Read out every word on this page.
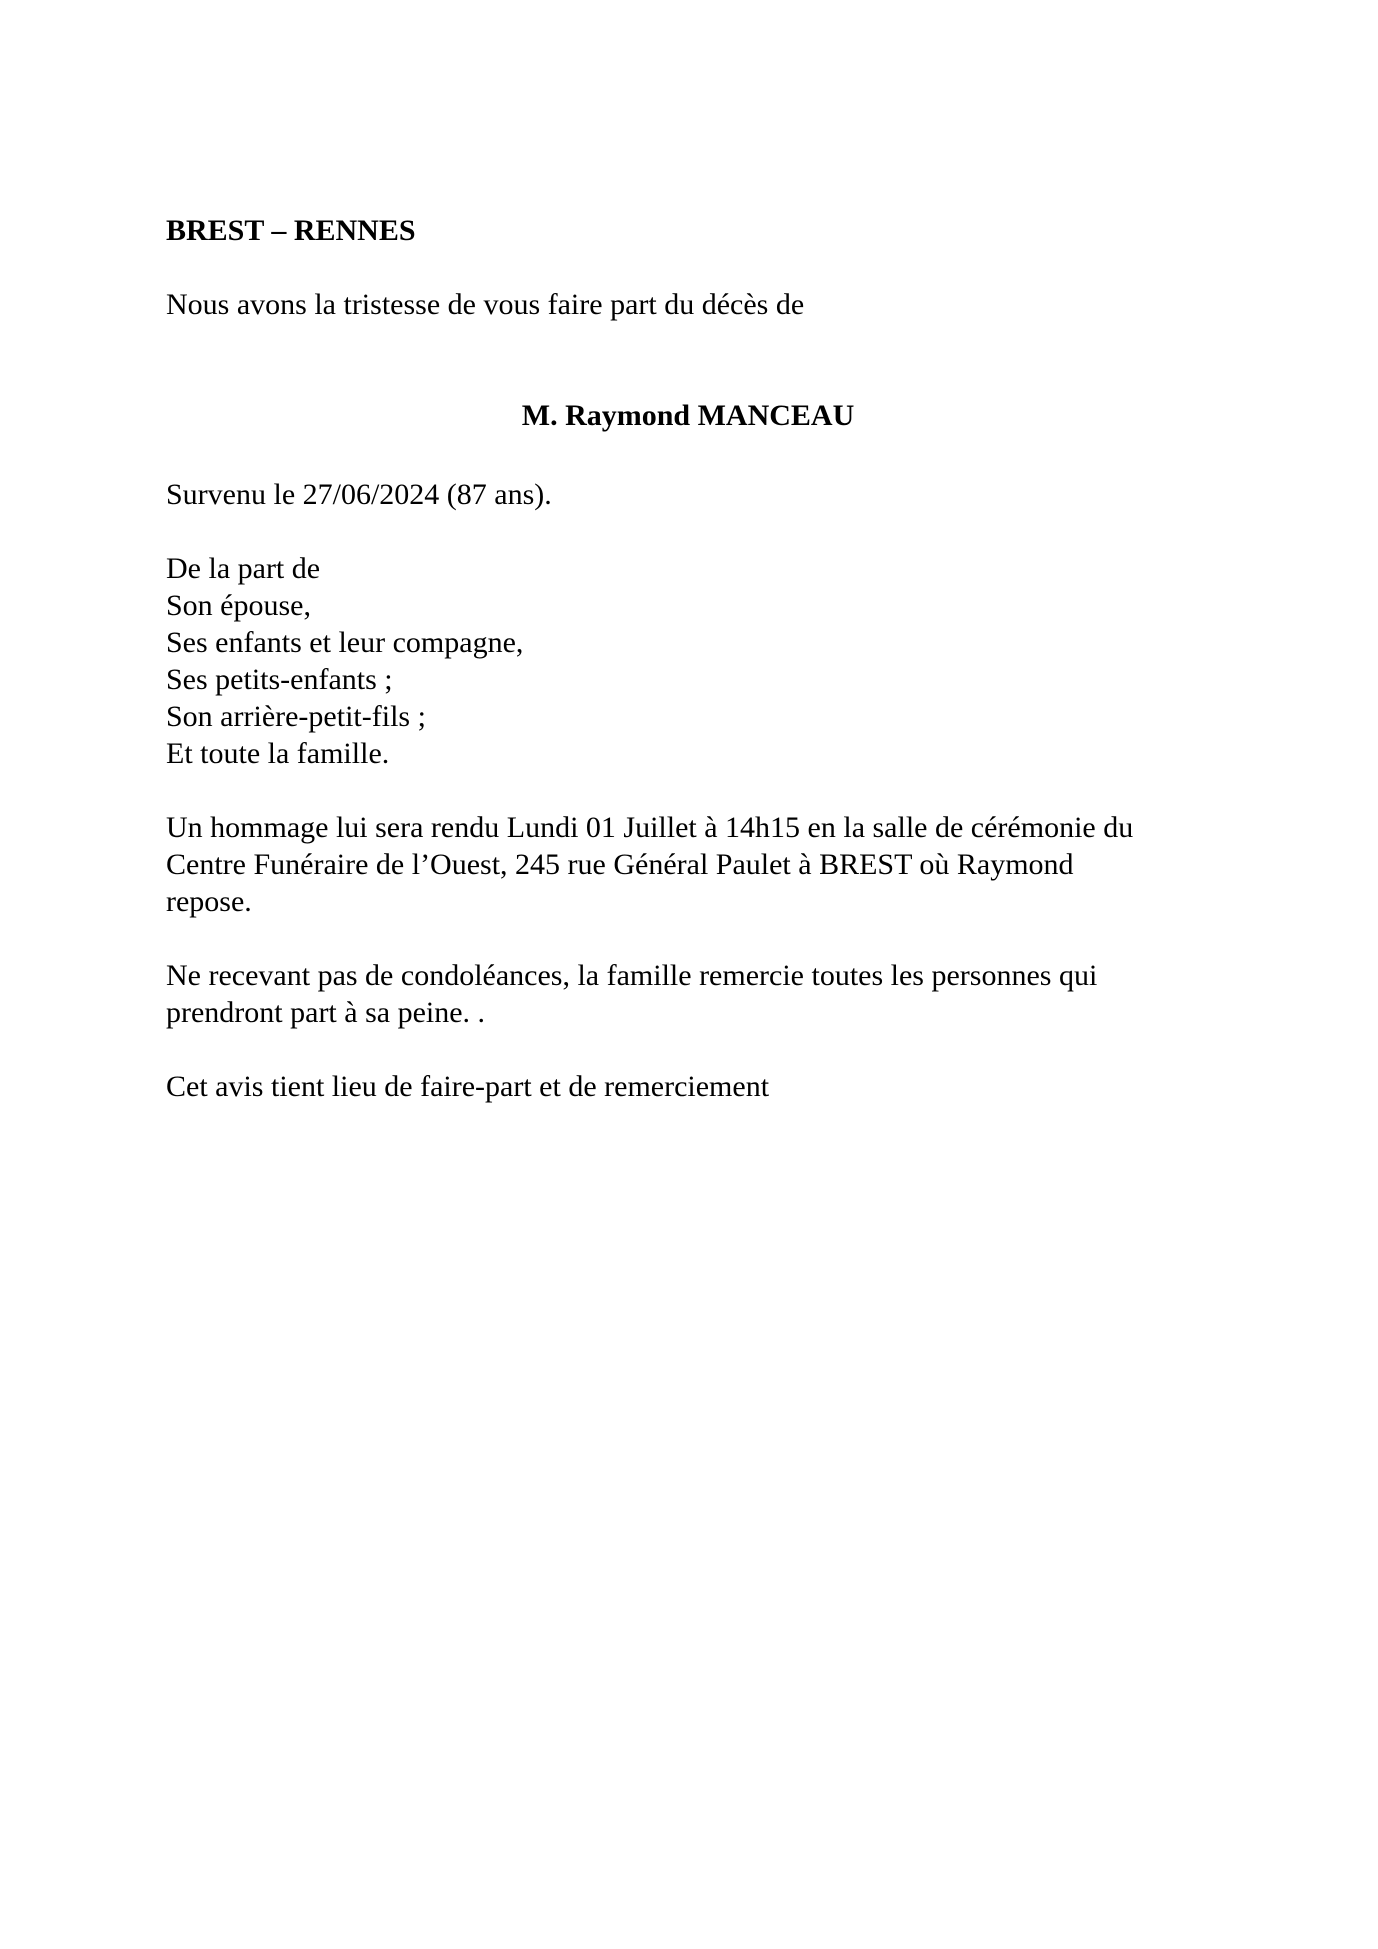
BREST – RENNES

Nous avons la tristesse de vous faire part du décès de

M. Raymond MANCEAU

Survenu le 27/06/2024 (87 ans).

De la part de
Son épouse,
Ses enfants et leur compagne,
Ses petits-enfants ;
Son arrière-petit-fils ;
Et toute la famille.

Un hommage lui sera rendu Lundi 01 Juillet à 14h15 en la salle de cérémonie du
Centre Funéraire de l’Ouest, 245 rue Général Paulet à BREST où Raymond
repose.

Ne recevant pas de condoléances, la famille remercie toutes les personnes qui
prendront part à sa peine. .

Cet avis tient lieu de faire-part et de remerciement
